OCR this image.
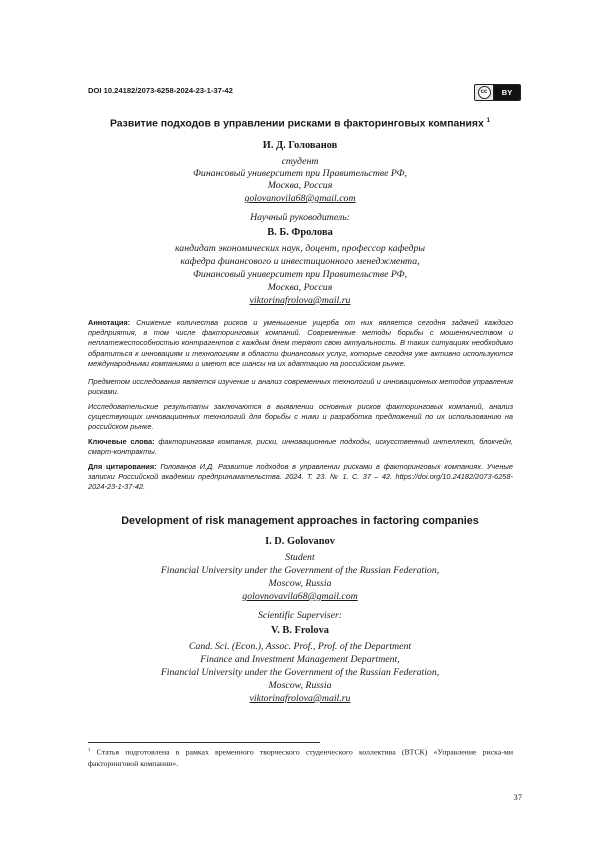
DOI 10.24182/2073-6258-2024-23-1-37-42	cc	BY
Развитие подходов в управлении рисками в факторинговых компаниях 1
И. Д. Голованов
студент
Финансовый университет при Правительстве РФ,
Москва, Россия
golovanovila68@gmail.com
Научный руководитель:
В. Б. Фролова
кандидат экономических наук, доцент, профессор кафедры
кафедра финансового и инвестиционного менеджмента,
Финансовый университет при Правительстве РФ,
Москва, Россия
viktorinafrolova@mail.ru
Аннотация: Снижение количества рисков и уменьшение ущерба от них является сегодня задачей каждого предприятия, в том числе факторинговых компаний. Современные методы борьбы с мошенничеством и неплатежеспособностью контрагентов с каждым днем теряют свою актуальность. В таких ситуациях необходимо обратиться к инновациям и технологиям в области финансовых услуг, которые сегодня уже активно используются международными компаниями и имеют все шансы на их адаптацию на российском рынке.
Предметом исследования является изучение и анализ современных технологий и инновационных методов управления рисками.
Исследовательские результаты заключаются в выявлении основных рисков факторинговых компаний, анализ существующих инновационных технологий для борьбы с ними и разработка предложений по их использованию на российском рынке.
Ключевые слова: факторинговая компания, риски, инновационные подходы, искусственный интеллект, блокчейн, смарт-контракты.
Для цитирования: Голованов И.Д. Развитие подходов в управлении рисками в факторинговых компаниях. Ученые записки Российской академии предпринимательства. 2024. Т. 23. № 1. С. 37 – 42. https://doi.org/10.24182/2073-6258-2024-23-1-37-42.
Development of risk management approaches in factoring companies
I. D. Golovanov
Student
Financial University under the Government of the Russian Federation,
Moscow, Russia
golovnovavila68@gmail.com
Scientific Superviser:
V. B. Frolova
Cand. Sci. (Econ.), Assoc. Prof., Prof. of the Department
Finance and Investment Management Department,
Financial University under the Government of the Russian Federation,
Moscow, Russia
viktorinafrolova@mail.ru
1 Статья подготовлена в рамках временного творческого студенческого коллектива (ВТСК) «Управление риска-ми факторинговой компании».
37
